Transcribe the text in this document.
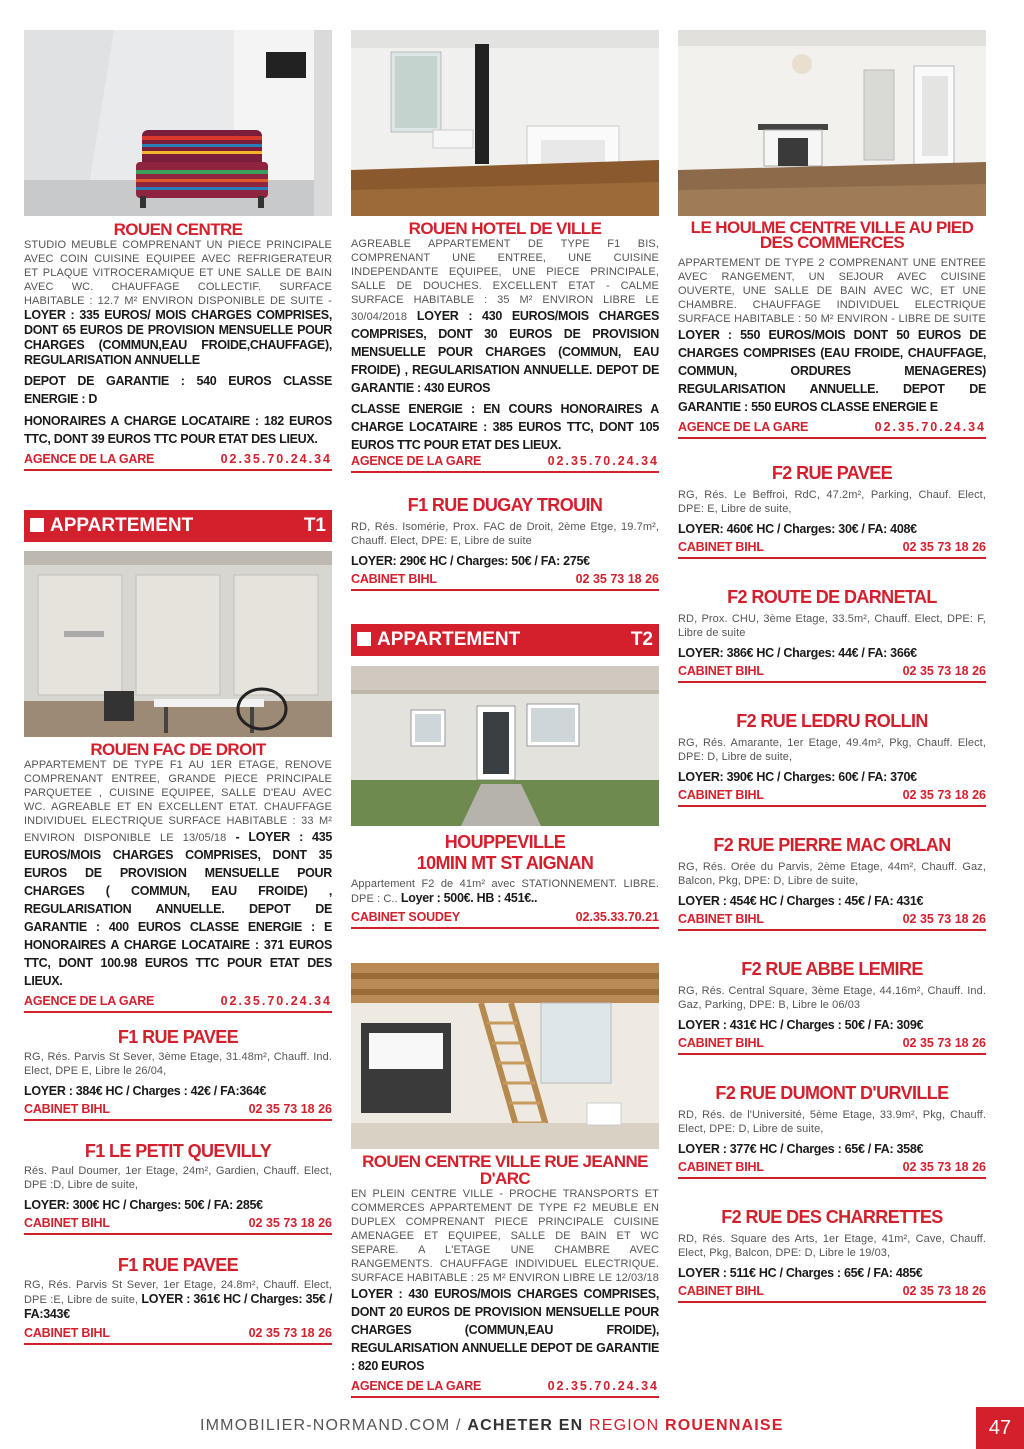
ROUEN CENTRE
STUDIO MEUBLE COMPRENANT UN PIECE PRINCIPALE AVEC COIN CUISINE EQUIPEE AVEC REFRIGERATEUR ET PLAQUE VITROCERAMIQUE ET UNE SALLE DE BAIN AVEC WC. CHAUFFAGE COLLECTIF. SURFACE HABITABLE : 12.7 M² ENVIRON DISPONIBLE DE SUITE - LOYER : 335 EUROS/ MOIS CHARGES COMPRISES, DONT 65 EUROS DE PROVISION MENSUELLE POUR CHARGES (COMMUN,EAU FROIDE,CHAUFFAGE), REGULARISATION ANNUELLE
DEPOT DE GARANTIE : 540 EUROS CLASSE ENERGIE : D
HONORAIRES A CHARGE LOCATAIRE : 182 EUROS TTC, DONT 39 EUROS TTC POUR ETAT DES LIEUX.
AGENCE DE LA GARE	02.35.70.24.34
APPARTEMENT	T1
ROUEN FAC DE DROIT
APPARTEMENT DE TYPE F1 AU 1ER ETAGE, RENOVE COMPRENANT ENTREE, GRANDE PIECE PRINCIPALE PARQUETEE , CUISINE EQUIPEE, SALLE D'EAU AVEC WC. AGREABLE ET EN EXCELLENT ETAT. CHAUFFAGE INDIVIDUEL ELECTRIQUE SURFACE HABITABLE : 33 M² ENVIRON DISPONIBLE LE 13/05/18 - LOYER : 435 EUROS/MOIS CHARGES COMPRISES, DONT 35 EUROS DE PROVISION MENSUELLE POUR CHARGES ( COMMUN, EAU FROIDE) , REGULARISATION ANNUELLE. DEPOT DE GARANTIE : 400 EUROS CLASSE ENERGIE : E HONORAIRES A CHARGE LOCATAIRE : 371 EUROS TTC, DONT 100.98 EUROS TTC POUR ETAT DES LIEUX.
AGENCE DE LA GARE	02.35.70.24.34
F1 RUE PAVEE
RG, Rés. Parvis St Sever, 3ème Etage, 31.48m², Chauff. Ind. Elect, DPE E, Libre le 26/04,
LOYER : 384€ HC / Charges : 42€ / FA:364€
CABINET BIHL	02 35 73 18 26
F1 LE PETIT QUEVILLY
Rés. Paul Doumer, 1er Etage, 24m², Gardien, Chauff. Elect, DPE :D, Libre de suite,
LOYER: 300€ HC / Charges: 50€ / FA: 285€
CABINET BIHL	02 35 73 18 26
F1 RUE PAVEE
RG, Rés. Parvis St Sever, 1er Etage, 24.8m², Chauff. Elect, DPE :E, Libre de suite, LOYER : 361€ HC / Charges: 35€ / FA:343€
CABINET BIHL	02 35 73 18 26
ROUEN HOTEL DE VILLE
AGREABLE APPARTEMENT DE TYPE F1 BIS, COMPRENANT UNE ENTREE, UNE CUISINE INDEPENDANTE EQUIPEE, UNE PIECE PRINCIPALE, SALLE DE DOUCHES. EXCELLENT ETAT - CALME SURFACE HABITABLE : 35 M² ENVIRON LIBRE LE 30/04/2018 LOYER : 430 EUROS/MOIS CHARGES COMPRISES, DONT 30 EUROS DE PROVISION MENSUELLE POUR CHARGES (COMMUN, EAU FROIDE) , REGULARISATION ANNUELLE. DEPOT DE GARANTIE : 430 EUROS
CLASSE ENERGIE : EN COURS HONORAIRES A CHARGE LOCATAIRE : 385 EUROS TTC, DONT 105 EUROS TTC POUR ETAT DES LIEUX.
AGENCE DE LA GARE	02.35.70.24.34
F1 RUE DUGAY TROUIN
RD, Rés. Isomérie, Prox. FAC de Droit, 2ème Etge, 19.7m², Chauff. Elect, DPE: E, Libre de suite
LOYER: 290€ HC / Charges: 50€ / FA: 275€
CABINET BIHL	02 35 73 18 26
APPARTEMENT	T2
HOUPPEVILLE
10MIN MT ST AIGNAN
Appartement F2 de 41m² avec STATIONNEMENT. LIBRE. DPE : C.. Loyer : 500€. HB : 451€..
CABINET SOUDEY	02.35.33.70.21
ROUEN CENTRE VILLE RUE JEANNE D'ARC
EN PLEIN CENTRE VILLE - PROCHE TRANSPORTS ET COMMERCES APPARTEMENT DE TYPE F2 MEUBLE EN DUPLEX COMPRENANT PIECE PRINCIPALE CUISINE AMENAGEE ET EQUIPEE, SALLE DE BAIN ET WC SEPARE. A L'ETAGE UNE CHAMBRE AVEC RANGEMENTS. CHAUFFAGE INDIVIDUEL ELECTRIQUE. SURFACE HABITABLE : 25 M² ENVIRON LIBRE LE 12/03/18 LOYER : 430 EUROS/MOIS CHARGES COMPRISES, DONT 20 EUROS DE PROVISION MENSUELLE POUR CHARGES (COMMUN,EAU FROIDE), REGULARISATION ANNUELLE DEPOT DE GARANTIE : 820 EUROS
AGENCE DE LA GARE	02.35.70.24.34
LE HOULME CENTRE VILLE AU PIED DES COMMERCES
APPARTEMENT DE TYPE 2 COMPRENANT UNE ENTREE AVEC RANGEMENT, UN SEJOUR AVEC CUISINE OUVERTE, UNE SALLE DE BAIN AVEC WC, ET UNE CHAMBRE. CHAUFFAGE INDIVIDUEL ELECTRIQUE SURFACE HABITABLE : 50 M² ENVIRON - LIBRE DE SUITE LOYER : 550 EUROS/MOIS DONT 50 EUROS DE CHARGES COMPRISES (EAU FROIDE, CHAUFFAGE, COMMUN, ORDURES MENAGERES) REGULARISATION ANNUELLE. DEPOT DE GARANTIE : 550 EUROS CLASSE ENERGIE E
AGENCE DE LA GARE	02.35.70.24.34
F2 RUE PAVEE
RG, Rés. Le Beffroi, RdC, 47.2m², Parking, Chauf. Elect, DPE: E, Libre de suite,
LOYER: 460€ HC / Charges: 30€ / FA: 408€
CABINET BIHL	02 35 73 18 26
F2 ROUTE DE DARNETAL
RD, Prox. CHU, 3ème Etage, 33.5m², Chauff. Elect, DPE: F, Libre de suite
LOYER: 386€ HC / Charges: 44€ / FA: 366€
CABINET BIHL	02 35 73 18 26
F2 RUE LEDRU ROLLIN
RG, Rés. Amarante, 1er Etage, 49.4m², Pkg, Chauff. Elect, DPE: D, Libre de suite,
LOYER: 390€ HC / Charges: 60€ / FA: 370€
CABINET BIHL	02 35 73 18 26
F2 RUE PIERRE MAC ORLAN
RG, Rés. Orée du Parvis, 2ème Etage, 44m², Chauff. Gaz, Balcon, Pkg, DPE: D, Libre de suite,
LOYER : 454€ HC / Charges : 45€ / FA: 431€
CABINET BIHL	02 35 73 18 26
F2 RUE ABBE LEMIRE
RG, Rés. Central Square, 3ème Etage, 44.16m², Chauff. Ind. Gaz, Parking, DPE: B, Libre le 06/03
LOYER : 431€ HC / Charges : 50€ / FA: 309€
CABINET BIHL	02 35 73 18 26
F2 RUE DUMONT D'URVILLE
RD, Rés. de l'Université, 5ème Etage, 33.9m², Pkg, Chauff. Elect, DPE: D, Libre de suite,
LOYER : 377€ HC / Charges : 65€ / FA: 358€
CABINET BIHL	02 35 73 18 26
F2 RUE DES CHARRETTES
RD, Rés. Square des Arts, 1er Etage, 41m², Cave, Chauff. Elect, Pkg, Balcon, DPE: D, Libre le 19/03,
LOYER : 511€ HC / Charges : 65€ / FA: 485€
CABINET BIHL	02 35 73 18 26
IMMOBILIER-NORMAND.COM / ACHETER EN REGION ROUENNAISE	47
